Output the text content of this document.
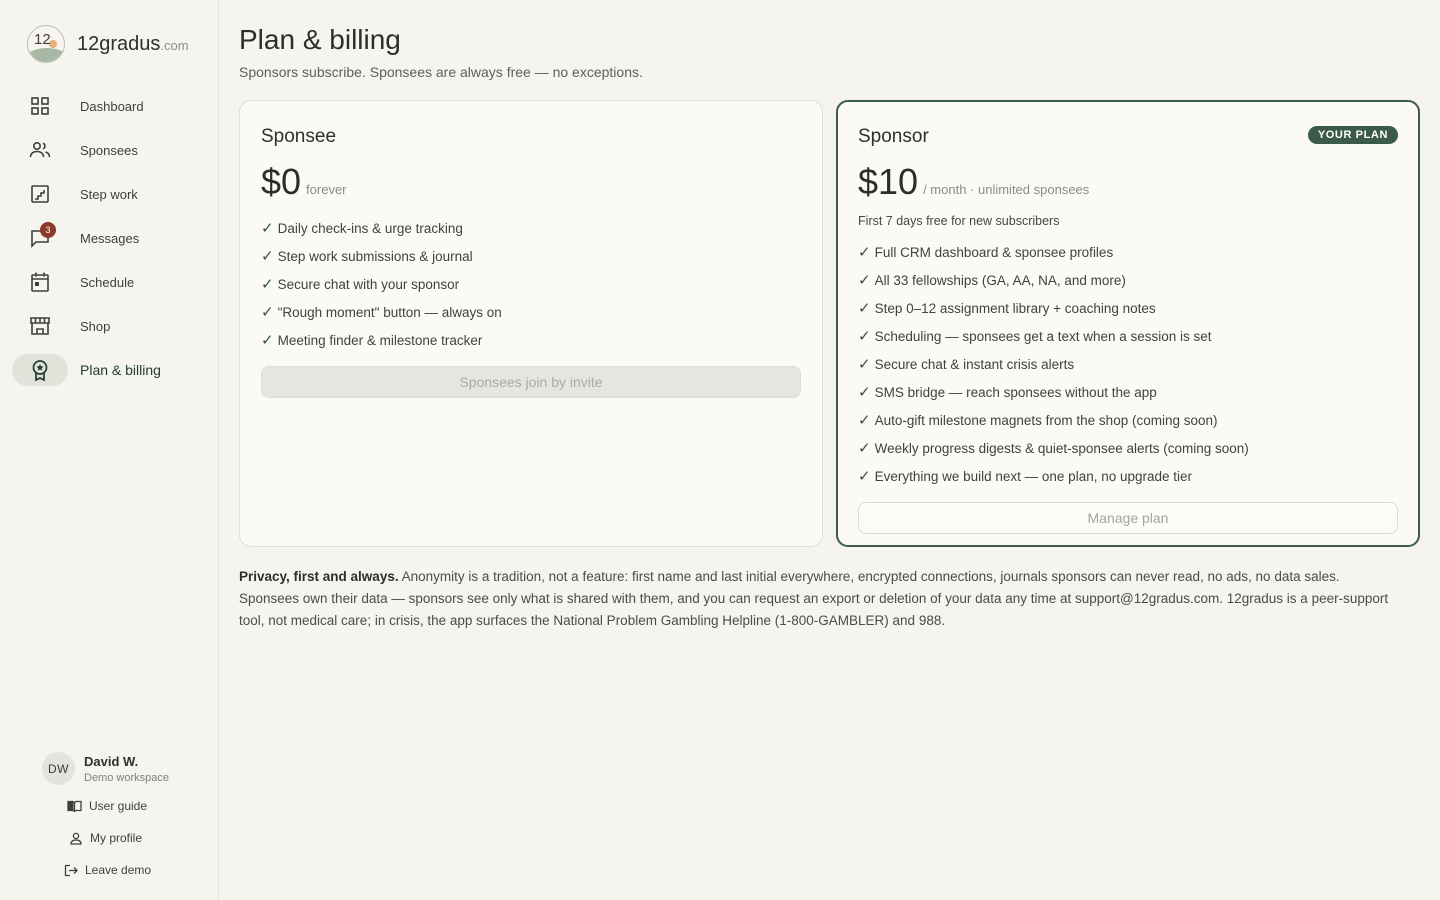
12 12gradus.com
Dashboard
Sponsees
Step work
3
Messages
Schedule
Shop
Plan & billing
DW	David W.
Demo workspace
User guide
My profile
Leave demo
Plan & billing

Sponsors subscribe. Sponsees are always free — no exceptions.

Sponsee
$0 forever
✓ Daily check-ins & urge tracking
✓ Step work submissions & journal
✓ Secure chat with your sponsor
✓ "Rough moment" button — always on
✓ Meeting finder & milestone tracker
Sponsees join by invite
Sponsor	YOUR PLAN
$10 / month · unlimited sponsees
First 7 days free for new subscribers
✓ Full CRM dashboard & sponsee profiles
✓ All 33 fellowships (GA, AA, NA, and more)
✓ Step 0–12 assignment library + coaching notes
✓ Scheduling — sponsees get a text when a session is set
✓ Secure chat & instant crisis alerts
✓ SMS bridge — reach sponsees without the app
✓ Auto-gift milestone magnets from the shop (coming soon)
✓ Weekly progress digests & quiet-sponsee alerts (coming soon)
✓ Everything we build next — one plan, no upgrade tier
Manage plan

Privacy, first and always. Anonymity is a tradition, not a feature: first name and last initial everywhere, encrypted connections, journals sponsors can never read, no ads, no data sales. Sponsees own their data — sponsors see only what is shared with them, and you can request an export or deletion of your data any time at support@12gradus.com. 12gradus is a peer-support tool, not medical care; in crisis, the app surfaces the National Problem Gambling Helpline (1-800-GAMBLER) and 988.
